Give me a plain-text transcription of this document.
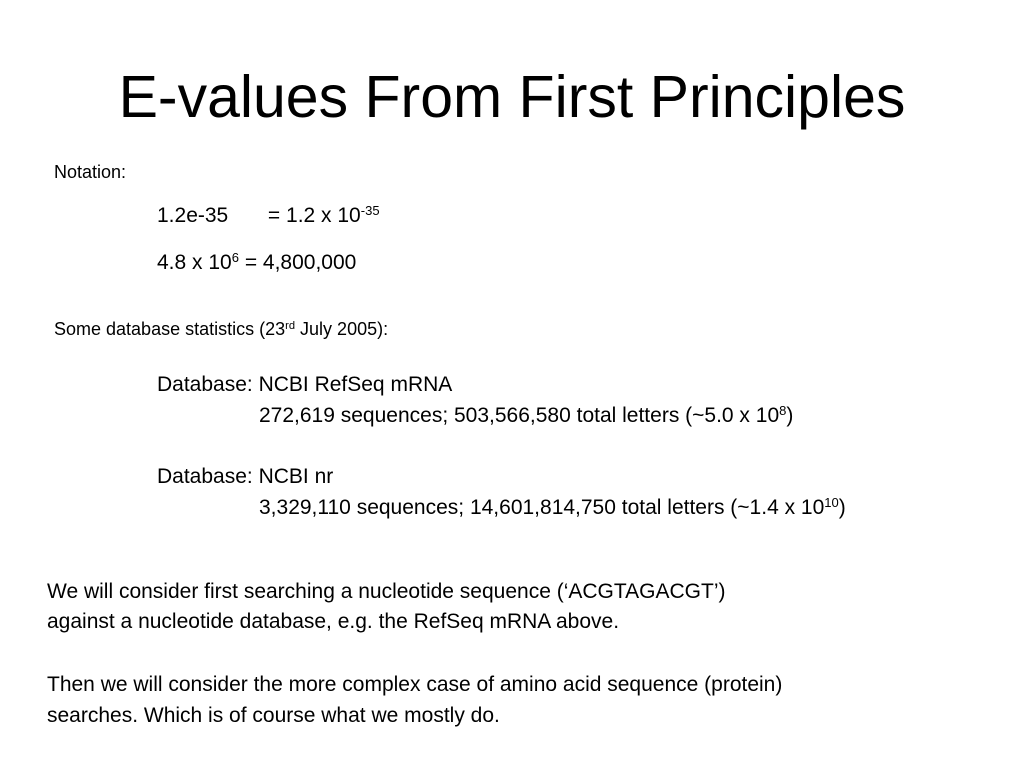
E-values From First Principles
Notation:
1.2e-35 = 1.2 x $10^{-35}$
4.8 x $10^6 = 4,800,000$
Some database statistics (23rd July 2005):
Database: NCBI RefSeq mRNA
272,619 sequences; 503,566,580 total letters (~5.0 x $10^8$)
Database: NCBI nr
3,329,110 sequences; 14,601,814,750 total letters (~1.4 x $10^{10}$)
We will consider first searching a nucleotide sequence (‘ACGTAGACGT’)
against a nucleotide database, e.g. the RefSeq mRNA above.
Then we will consider the more complex case of amino acid sequence (protein)
searches. Which is of course what we mostly do.
